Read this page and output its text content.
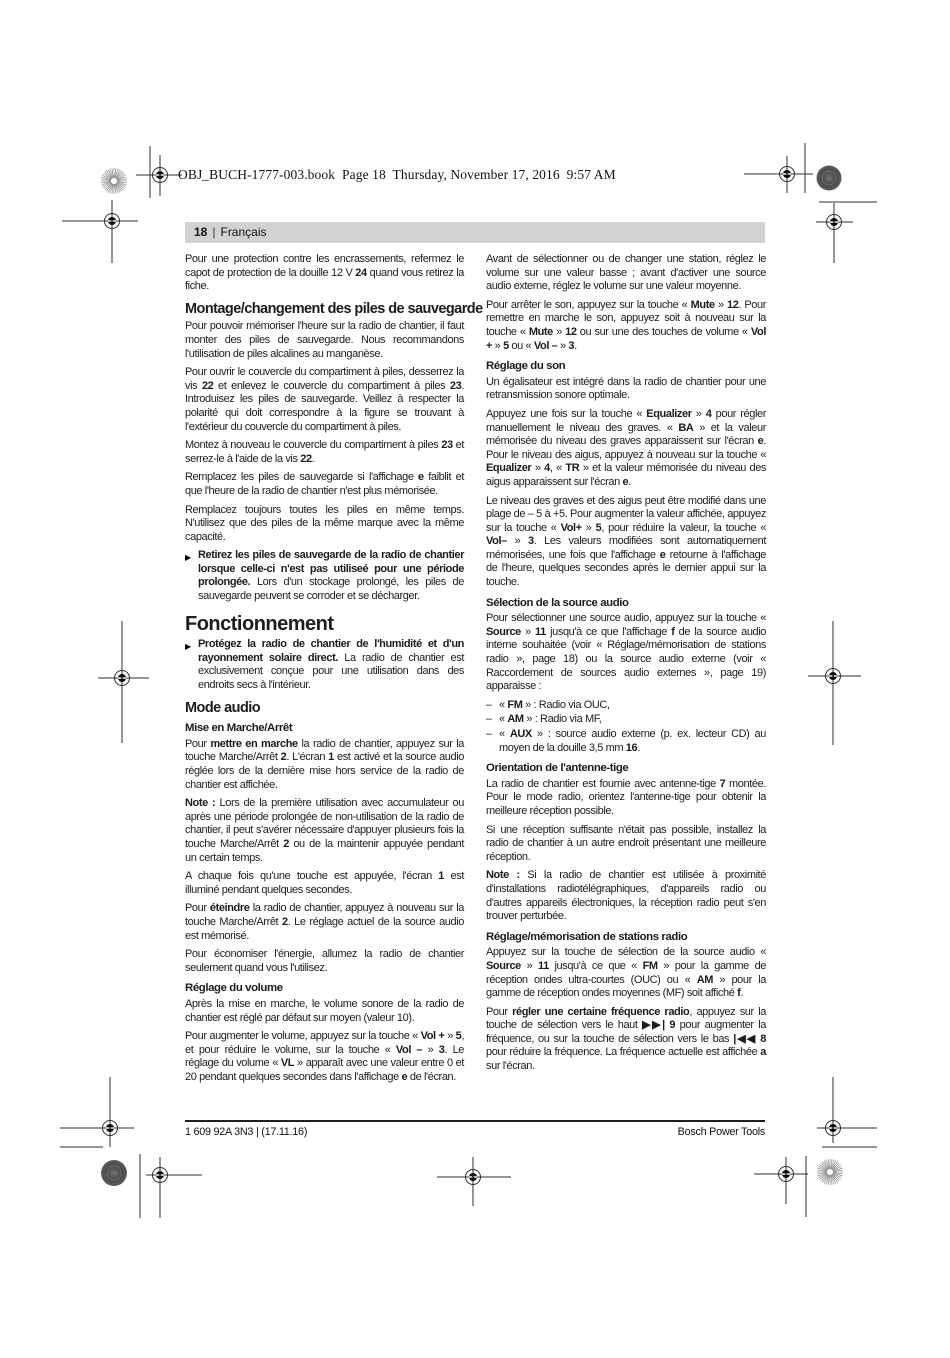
OBJ_BUCH-1777-003.book  Page 18  Thursday, November 17, 2016  9:57 AM
18 | Français
Pour une protection contre les encrassements, refermez le capot de protection de la douille 12 V 24 quand vous retirez la fiche.
Montage/changement des piles de sauvegarde
Pour pouvoir mémoriser l'heure sur la radio de chantier, il faut monter des piles de sauvegarde. Nous recommandons l'utilisation de piles alcalines au manganèse.
Pour ouvrir le couvercle du compartiment à piles, desserrez la vis 22 et enlevez le couvercle du compartiment à piles 23. Introduisez les piles de sauvegarde. Veillez à respecter la polarité qui doit correspondre à la figure se trouvant à l'extérieur du couvercle du compartiment à piles.
Montez à nouveau le couvercle du compartiment à piles 23 et serrez-le à l'aide de la vis 22.
Remplacez les piles de sauvegarde si l'affichage e faiblit et que l'heure de la radio de chantier n'est plus mémorisée.
Remplacez toujours toutes les piles en même temps. N'utilisez que des piles de la même marque avec la même capacité.
▶ Retirez les piles de sauvegarde de la radio de chantier lorsque celle-ci n'est pas utiliseé pour une période prolongée. Lors d'un stockage prolongé, les piles de sauvegarde peuvent se corroder et se décharger.
Fonctionnement
▶ Protégez la radio de chantier de l'humidité et d'un rayonnement solaire direct. La radio de chantier est exclusivement conçue pour une utilisation dans des endroits secs à l'intérieur.
Mode audio
Mise en Marche/Arrêt
Pour mettre en marche la radio de chantier, appuyez sur la touche Marche/Arrêt 2. L'écran 1 est activé et la source audio réglée lors de la dernière mise hors service de la radio de chantier est affichée.
Note : Lors de la première utilisation avec accumulateur ou après une période prolongée de non-utilisation de la radio de chantier, il peut s'avérer nécessaire d'appuyer plusieurs fois la touche Marche/Arrêt 2 ou de la maintenir appuyée pendant un certain temps.
A chaque fois qu'une touche est appuyée, l'écran 1 est illuminé pendant quelques secondes.
Pour éteindre la radio de chantier, appuyez à nouveau sur la touche Marche/Arrêt 2. Le réglage actuel de la source audio est mémorisé.
Pour économiser l'énergie, allumez la radio de chantier seulement quand vous l'utilisez.
Réglage du volume
Après la mise en marche, le volume sonore de la radio de chantier est réglé par défaut sur moyen (valeur 10).
Pour augmenter le volume, appuyez sur la touche « Vol + » 5, et pour réduire le volume, sur la touche « Vol – » 3. Le réglage du volume « VL » apparaît avec une valeur entre 0 et 20 pendant quelques secondes dans l'affichage e de l'écran.
Avant de sélectionner ou de changer une station, réglez le volume sur une valeur basse ; avant d'activer une source audio externe, réglez le volume sur une valeur moyenne.
Pour arrêter le son, appuyez sur la touche « Mute » 12. Pour remettre en marche le son, appuyez soit à nouveau sur la touche « Mute » 12 ou sur une des touches de volume « Vol + » 5 ou « Vol – » 3.
Réglage du son
Un égalisateur est intégré dans la radio de chantier pour une retransmission sonore optimale.
Appuyez une fois sur la touche « Equalizer » 4 pour régler manuellement le niveau des graves. « BA » et la valeur mémorisée du niveau des graves apparaissent sur l'écran e. Pour le niveau des aigus, appuyez à nouveau sur la touche « Equalizer » 4, « TR » et la valeur mémorisée du niveau des aigus apparaissent sur l'écran e.
Le niveau des graves et des aigus peut être modifié dans une plage de – 5 à +5. Pour augmenter la valeur affichée, appuyez sur la touche « Vol+ » 5, pour réduire la valeur, la touche « Vol– » 3. Les valeurs modifiées sont automatiquement mémorisées, une fois que l'affichage e retourne à l'affichage de l'heure, quelques secondes après le dernier appui sur la touche.
Sélection de la source audio
Pour sélectionner une source audio, appuyez sur la touche « Source » 11 jusqu'à ce que l'affichage f de la source audio interne souhaitée (voir « Réglage/mémorisation de stations radio », page 18) ou la source audio externe (voir « Raccordement de sources audio externes », page 19) apparaisse :
– « FM » : Radio via OUC,
– « AM » : Radio via MF,
– « AUX » : source audio externe (p. ex. lecteur CD) au moyen de la douille 3,5 mm 16.
Orientation de l'antenne-tige
La radio de chantier est fournie avec antenne-tige 7 montée. Pour le mode radio, orientez l'antenne-tige pour obtenir la meilleure réception possible.
Si une réception suffisante n'était pas possible, installez la radio de chantier à un autre endroit présentant une meilleure réception.
Note : Si la radio de chantier est utilisée à proximité d'installations radiotélégraphiques, d'appareils radio ou d'autres appareils électroniques, la réception radio peut s'en trouver perturbée.
Réglage/mémorisation de stations radio
Appuyez sur la touche de sélection de la source audio « Source » 11 jusqu'à ce que « FM » pour la gamme de réception ondes ultra-courtes (OUC) ou « AM » pour la gamme de réception ondes moyennes (MF) soit affiché f.
Pour régler une certaine fréquence radio, appuyez sur la touche de sélection vers le haut ▶▶| 9 pour augmenter la fréquence, ou sur la touche de sélection vers le bas |◀◀ 8 pour réduire la fréquence. La fréquence actuelle est affichée a sur l'écran.
1 609 92A 3N3 | (17.11.16)	Bosch Power Tools
